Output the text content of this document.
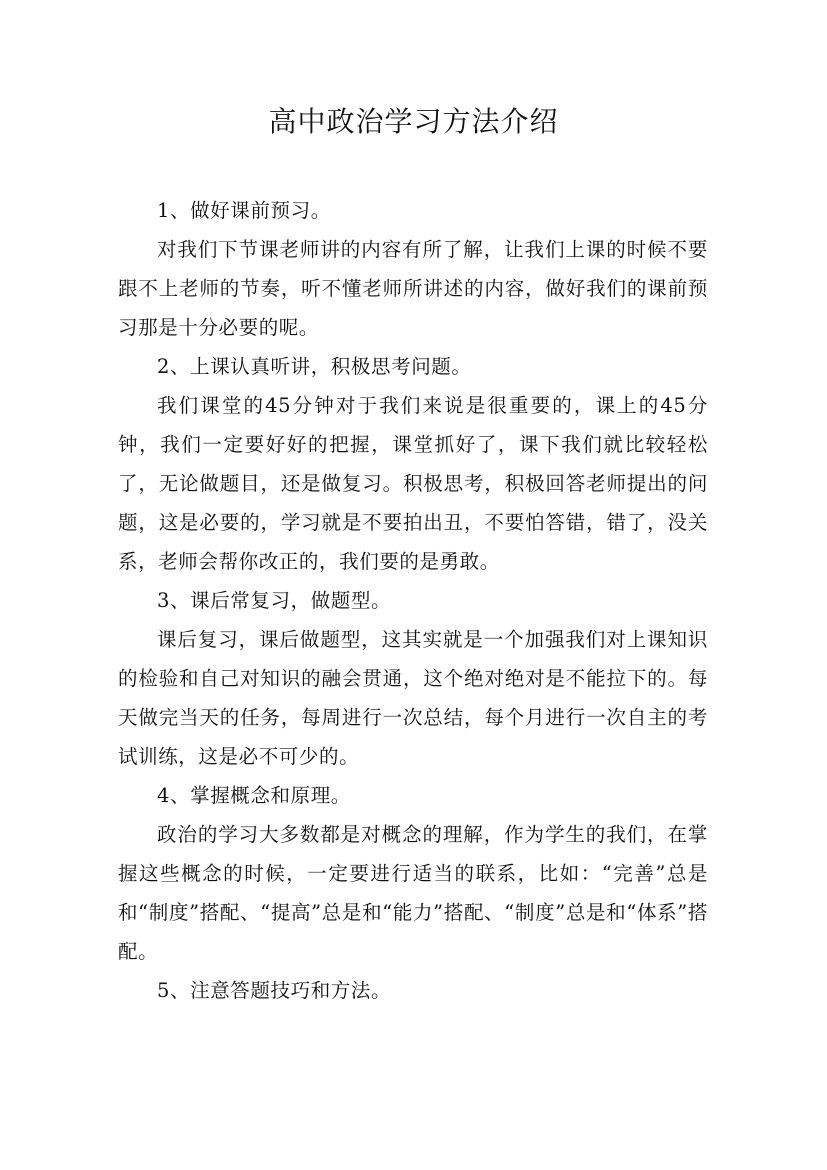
高中政治学习方法介绍

1、做好课前预习。

对我们下节课老师讲的内容有所了解，让我们上课的时候不要跟不上老师的节奏，听不懂老师所讲述的内容，做好我们的课前预习那是十分必要的呢。

2、上课认真听讲，积极思考问题。

我们课堂的45分钟对于我们来说是很重要的，课上的45分钟，我们一定要好好的把握，课堂抓好了，课下我们就比较轻松了，无论做题目，还是做复习。积极思考，积极回答老师提出的问题，这是必要的，学习就是不要拍出丑，不要怕答错，错了，没关系，老师会帮你改正的，我们要的是勇敢。

3、课后常复习，做题型。

课后复习，课后做题型，这其实就是一个加强我们对上课知识的检验和自己对知识的融会贯通，这个绝对绝对是不能拉下的。每天做完当天的任务，每周进行一次总结，每个月进行一次自主的考试训练，这是必不可少的。

4、掌握概念和原理。

政治的学习大多数都是对概念的理解，作为学生的我们，在掌握这些概念的时候，一定要进行适当的联系，比如：“完善”总是和“制度”搭配、“提高”总是和“能力”搭配、“制度”总是和“体系”搭配。

5、注意答题技巧和方法。
